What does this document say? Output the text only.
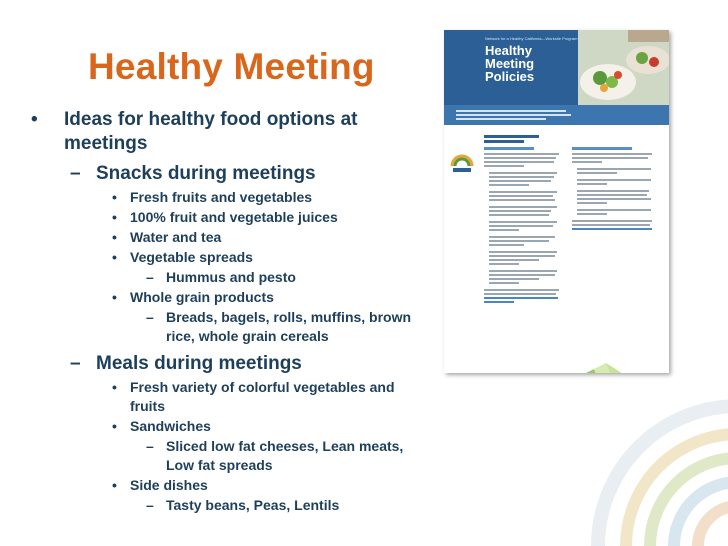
Healthy Meeting
• Ideas for healthy food options at meetings
– Snacks during meetings
• Fresh fruits and vegetables
• 100% fruit and vegetable juices
• Water and tea
• Vegetable spreads
– Hummus and pesto
• Whole grain products
– Breads, bagels, rolls, muffins, brown rice, whole grain cereals
– Meals during meetings
• Fresh variety of colorful vegetables and fruits
• Sandwiches
– Sliced low fat cheeses, Lean meats, Low fat spreads
• Side dishes
– Tasty beans, Peas, Lentils
Network for a Healthy California—Worksite Program
Healthy Meeting Policies
